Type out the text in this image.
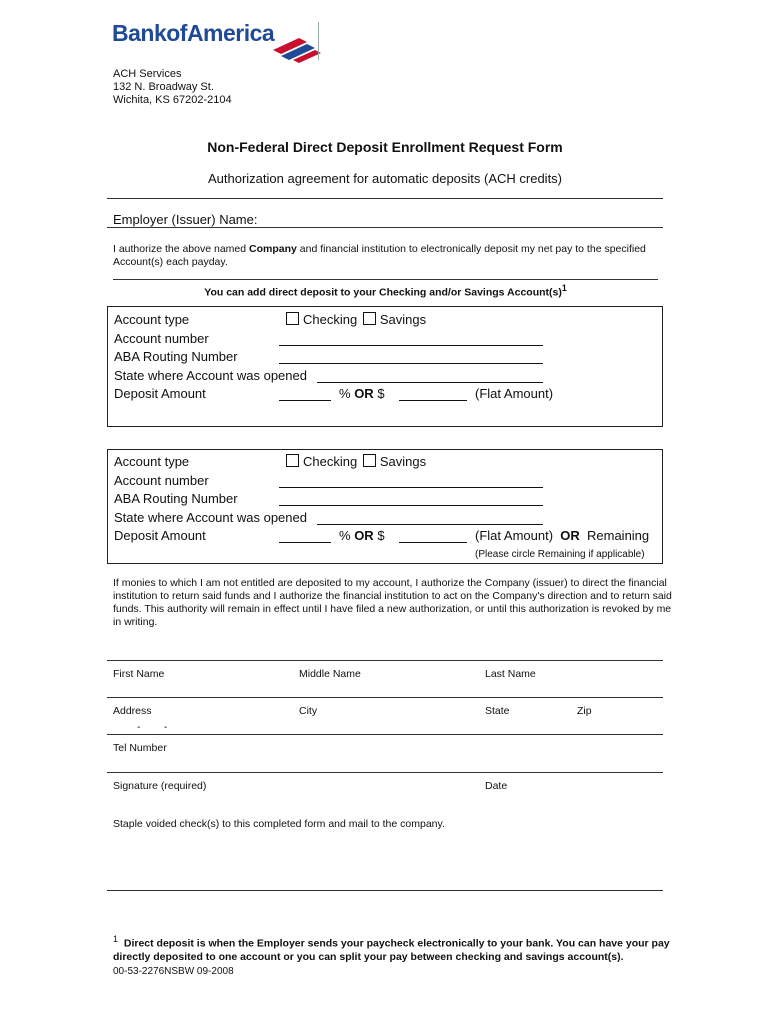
BankofAmerica
ACH Services
132 N. Broadway St.
Wichita, KS 67202-2104
Non-Federal Direct Deposit Enrollment Request Form
Authorization agreement for automatic deposits (ACH credits)
Employer (Issuer) Name:
I authorize the above named Company and financial institution to electronically deposit my net pay to the specified Account(s) each payday.
You can add direct deposit to your Checking and/or Savings $Account(s)^1$
Account type	Checking Savings
Account number
ABA Routing Number
State where Account was opened
Deposit Amount	% OR $	(Flat Amount)
Account type	Checking Savings
Account number
ABA Routing Number
State where Account was opened
Deposit Amount	% OR $	(Flat Amount) OR Remaining
(Please circle Remaining if applicable)
If monies to which I am not entitled are deposited to my account, I authorize the Company (issuer) to direct the financial institution to return said funds and I authorize the financial institution to act on the Company's direction and to return said funds. This authority will remain in effect until I have filed a new authorization, or until this authorization is revoked by me in writing.
First Name	Middle Name	Last Name
Address	City	State	Zip
-        -
Tel Number
Signature (required)	Date
Staple voided check(s) to this completed form and mail to the company.
$^1$ Direct deposit is when the Employer sends your paycheck electronically to your bank. You can have your pay directly deposited to one account or you can split your pay between checking and savings account(s).
00-53-2276NSBW 09-2008
